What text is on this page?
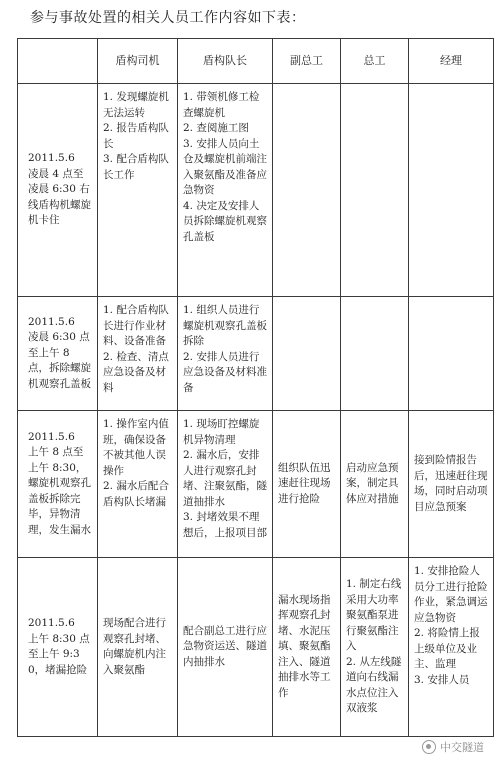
参与事故处置的相关人员工作内容如下表：
	盾构司机	盾构队长	副总工	总工	经理

2011.5.6
凌晨 4 点至凌晨 6:30 右线盾构机螺旋机卡住	1. 发现螺旋机无法运转
2. 报告盾构队长
3. 配合盾构队长工作	1. 带领机修工检查螺旋机
2. 查阅施工图
3. 安排人员向土仓及螺旋机前端注入聚氨酯及准备应急物资
4. 决定及安排人员拆除螺旋机观察孔盖板			

2011.5.6
凌晨 6:30 点至上午 8 点，拆除螺旋机观察孔盖板	1. 配合盾构队长进行作业材料、设备准备
2. 检查、清点应急设备及材料	1. 组织人员进行螺旋机观察孔盖板拆除
2. 安排人员进行应急设备及材料准备			

2011.5.6
上午 8 点至上午 8:30，螺旋机观察孔盖板拆除完毕，异物清理，发生漏水	1. 操作室内值班，确保设备不被其他人误操作
2. 漏水后配合盾构队长堵漏	1. 现场盯控螺旋机异物清理
2. 漏水后，安排人进行观察孔封堵、注聚氨酯，隧道抽排水
3. 封堵效果不理想后，上报项目部	组织队伍迅速赶往现场进行抢险	启动应急预案，制定具体应对措施	接到险情报告后，迅速赶往现场，同时启动项目应急预案

2011.5.6
上午 8:30 点至上午 9:30，堵漏抢险	现场配合进行观察孔封堵、向螺旋机内注入聚氨酯	配合副总工进行应急物资运送、隧道内抽排水	漏水现场指挥观察孔封堵、水泥压填、聚氨酯注入、隧道抽排水等工作	1. 制定右线采用大功率聚氨酯泵进行聚氨酯注入
2. 从左线隧道向右线漏水点位注入双液浆	1. 安排抢险人员分工进行抢险作业，紧急调运应急物资
2. 将险情上报上级单位及业主、监理
3. 安排人员
中交隧道
